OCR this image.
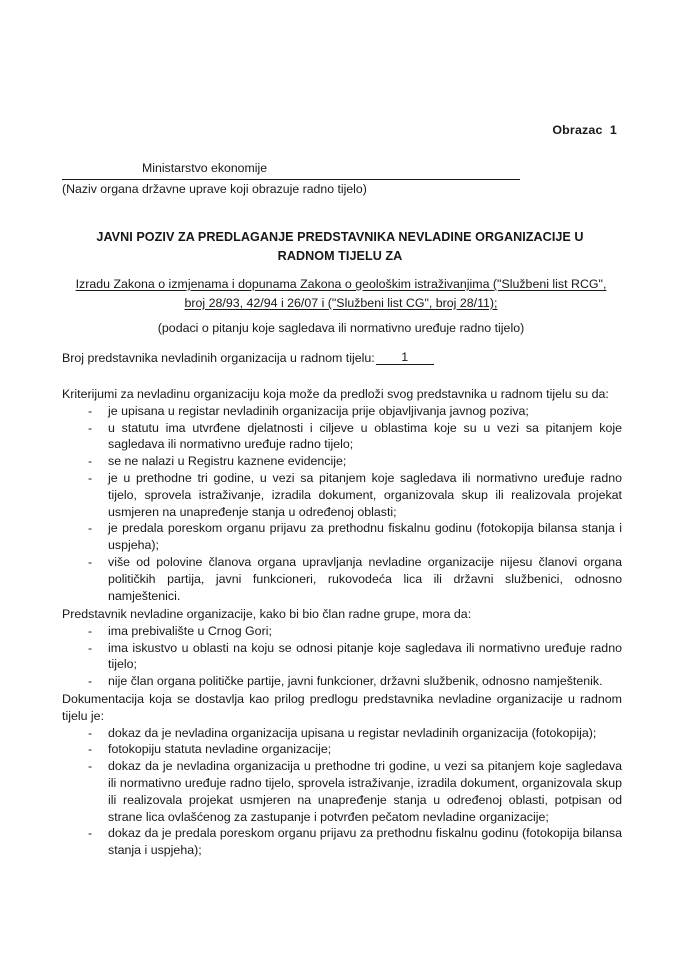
Obrazac  1
Ministarstvo ekonomije
(Naziv organa državne uprave koji obrazuje radno tijelo)
JAVNI POZIV ZA PREDLAGANJE PREDSTAVNIKA NEVLADINE ORGANIZACIJE U RADNOM TIJELU ZA
Izradu Zakona o izmjenama i dopunama Zakona o geološkim istraživanjima ("Službeni list RCG", broj 28/93, 42/94 i 26/07 i ("Službeni list CG", broj 28/11);
(podaci o pitanju koje sagledava ili normativno uređuje radno tijelo)
Broj predstavnika nevladinih organizacija u radnom tijelu: 1

Kriterijumi za nevladinu organizaciju koja može da predloži svog predstavnika u radnom tijelu su da:

- je upisana u registar nevladinih organizacija prije objavljivanja javnog poziva;
- u statutu ima utvrđene djelatnosti i ciljeve u oblastima koje su u vezi sa pitanjem koje sagledava ili normativno uređuje radno tijelo;
- se ne nalazi u Registru kaznene evidencije;
- je u prethodne tri godine, u vezi sa pitanjem koje sagledava ili normativno uređuje radno tijelo, sprovela istraživanje, izradila dokument, organizovala skup ili realizovala projekat usmjeren na unapređenje stanja u određenoj oblasti;
- je predala poreskom organu prijavu za prethodnu fiskalnu godinu (fotokopija bilansa stanja i uspjeha);
- više od polovine članova organa upravljanja nevladine organizacije nijesu članovi organa političkih partija, javni funkcioneri, rukovodeća lica ili državni službenici, odnosno namještenici.

Predstavnik nevladine organizacije, kako bi bio član radne grupe, mora da:

- ima prebivalište u Crnog Gori;
- ima iskustvo u oblasti na koju se odnosi pitanje koje sagledava ili normativno uređuje radno tijelo;
- nije član organa političke partije, javni funkcioner, državni službenik, odnosno namještenik.

Dokumentacija koja se dostavlja kao prilog predlogu predstavnika nevladine organizacije u radnom tijelu je:

- dokaz da je nevladina organizacija upisana u registar nevladinih organizacija (fotokopija);
- fotokopiju statuta nevladine organizacije;
- dokaz da je nevladina organizacija u prethodne tri godine, u vezi sa pitanjem koje sagledava ili normativno uređuje radno tijelo, sprovela istraživanje, izradila dokument, organizovala skup ili realizovala projekat usmjeren na unapređenje stanja u određenoj oblasti, potpisan od strane lica ovlašćenog za zastupanje i potvrđen pečatom nevladine organizacije;
- dokaz da je predala poreskom organu prijavu za prethodnu fiskalnu godinu (fotokopija bilansa stanja i uspjeha);
